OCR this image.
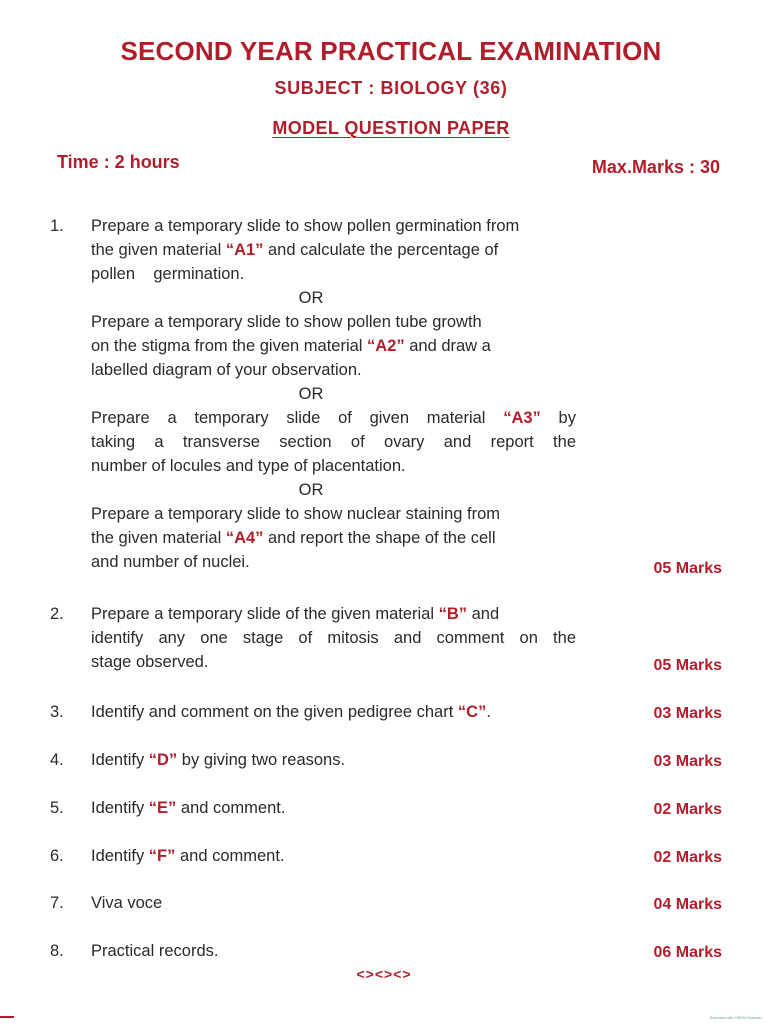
SECOND YEAR PRACTICAL EXAMINATION
SUBJECT : BIOLOGY (36)
MODEL QUESTION PAPER
Time : 2 hours	Max.Marks : 30
1.	Prepare a temporary slide to show pollen germination from
the given material “A1” and calculate the percentage of
pollen    germination.
OR
Prepare a temporary slide to show pollen tube growth
on the stigma from the given material “A2” and draw a
labelled diagram of your observation.
OR
Prepare a temporary slide of given material “A3” by
taking a transverse section of ovary and report the
number of locules and type of placentation.
OR
Prepare a temporary slide to show nuclear staining from
the given material “A4” and report the shape of the cell
and number of nuclei.	05 Marks
2.	Prepare a temporary slide of the given material “B” and
identify any one stage of mitosis and comment on the
stage observed.	05 Marks
3.	Identify and comment on the given pedigree chart “C”.	03 Marks
4.	Identify “D” by giving two reasons.	03 Marks
5.	Identify “E” and comment.	02 Marks
6.	Identify “F” and comment.	02 Marks
7.	Viva voce	04 Marks
8.	Practical records.	06 Marks
<><><>
Scanned with OKEN Scanner
